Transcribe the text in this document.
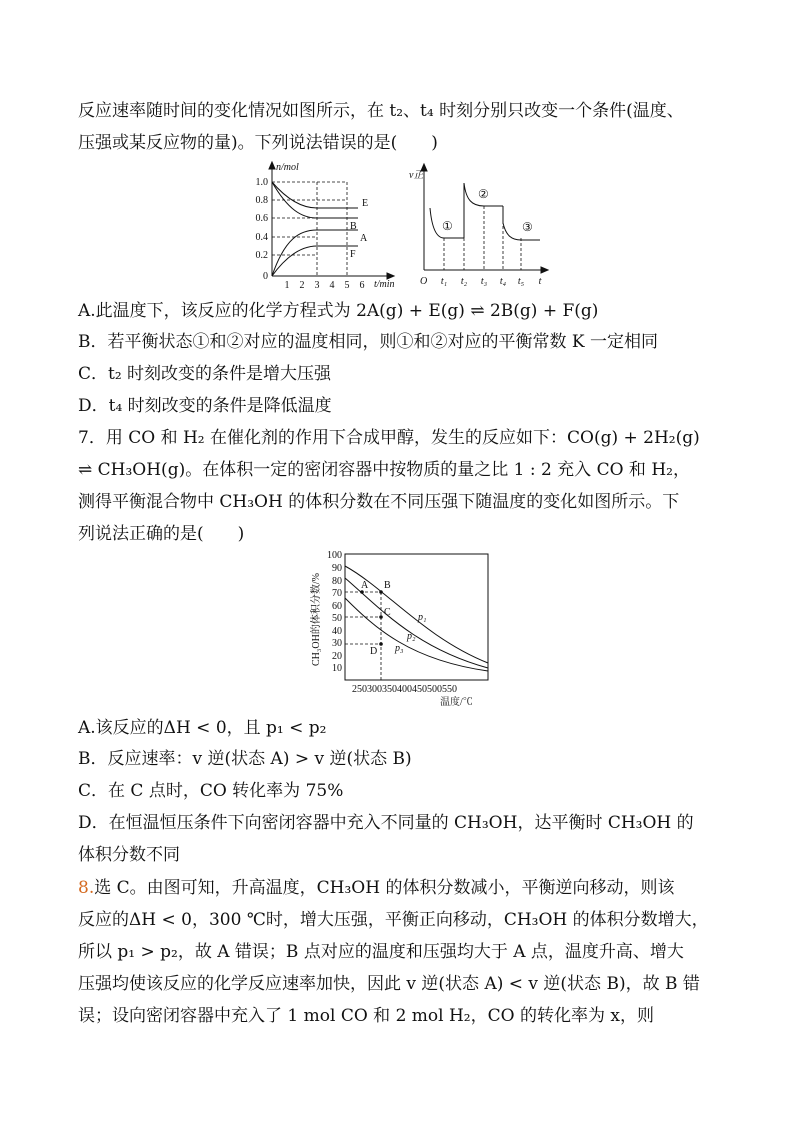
反应速率随时间的变化情况如图所示，在 t₂、t₄ 时刻分别只改变一个条件(温度、
压强或某反应物的量)。下列说法错误的是(　　)
n/mol
t/min
1.0
0.8
0.6
0.4
0.2
0
1 2 3 4 5 6
E
B
A
F
v正
O t₁ t₂ t₃ t₄ t₅ t
①
②
③
A.此温度下，该反应的化学方程式为 2A(g) + E(g) ⇌ 2B(g) + F(g)
B．若平衡状态①和②对应的温度相同，则①和②对应的平衡常数 K 一定相同
C．t₂ 时刻改变的条件是增大压强
D．t₄ 时刻改变的条件是降低温度
7．用 CO 和 H₂ 在催化剂的作用下合成甲醇，发生的反应如下：CO(g) + 2H₂(g)
⇌ CH₃OH(g)。在体积一定的密闭容器中按物质的量之比 1 : 2 充入 CO 和 H₂，
测得平衡混合物中 CH₃OH 的体积分数在不同压强下随温度的变化如图所示。下
列说法正确的是(　　)
CH₃OH的体积分数/%
100
90
80
70
60
50
40
30
20
10
250300350400450500550
温度/℃
A B
C
D
p₁
p₂
p₃
A.该反应的ΔH < 0，且 p₁ < p₂
B．反应速率：v 逆(状态 A) > v 逆(状态 B)
C．在 C 点时，CO 转化率为 75%
D．在恒温恒压条件下向密闭容器中充入不同量的 CH₃OH，达平衡时 CH₃OH 的
体积分数不同
8.选 C。由图可知，升高温度，CH₃OH 的体积分数减小，平衡逆向移动，则该
反应的ΔH < 0，300 ℃时，增大压强，平衡正向移动，CH₃OH 的体积分数增大，
所以 p₁ > p₂，故 A 错误；B 点对应的温度和压强均大于 A 点，温度升高、增大
压强均使该反应的化学反应速率加快，因此 v 逆(状态 A) < v 逆(状态 B)，故 B 错
误；设向密闭容器中充入了 1 mol CO 和 2 mol H₂，CO 的转化率为 x，则
